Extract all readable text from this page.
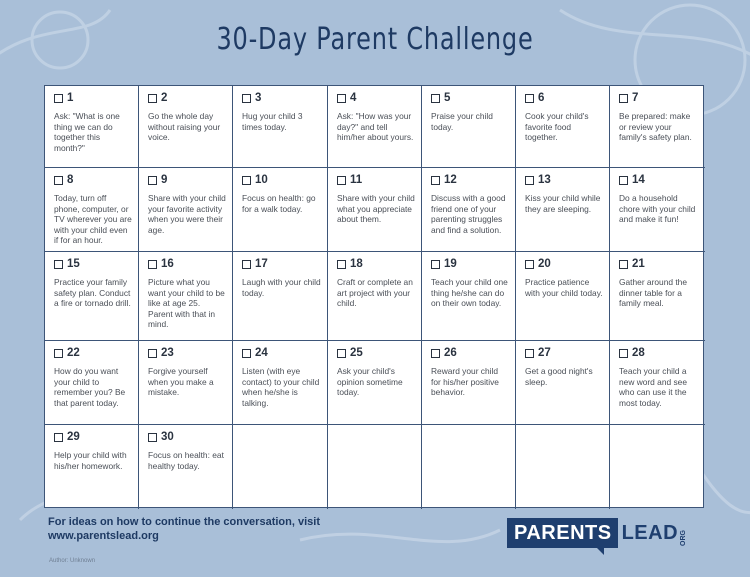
30-Day Parent Challenge
1
Ask: "What is one thing we can do together this month?"
2
Go the whole day without raising your voice.
3
Hug your child 3 times today.
4
Ask: "How was your day?" and tell him/her about yours.
5
Praise your child today.
6
Cook your child's favorite food together.
7
Be prepared: make or review your family's safety plan.
8
Today, turn off phone, computer, or TV wherever you are with your child even if for an hour.
9
Share with your child your favorite activity when you were their age.
10
Focus on health: go for a walk today.
11
Share with your child what you appreciate about them.
12
Discuss with a good friend one of your parenting struggles and find a solution.
13
Kiss your child while they are sleeping.
14
Do a household chore with your child and make it fun!
15
Practice your family safety plan. Conduct a fire or tornado drill.
16
Picture what you want your child to be like at age 25. Parent with that in mind.
17
Laugh with your child today.
18
Craft or complete an art project with your child.
19
Teach your child one thing he/she can do on their own today.
20
Practice patience with your child today.
21
Gather around the dinner table for a family meal.
22
How do you want your child to remember you? Be that parent today.
23
Forgive yourself when you make a mistake.
24
Listen (with eye contact) to your child when he/she is talking.
25
Ask your child's opinion sometime today.
26
Reward your child for his/her positive behavior.
27
Get a good night's sleep.
28
Teach your child a new word and see who can use it the most today.
29
Help your child with his/her homework.
30
Focus on health: eat healthy today.
For ideas on how to continue the conversation, visit www.parentslead.org
Author: Unknown
PARENTS LEAD ORG
